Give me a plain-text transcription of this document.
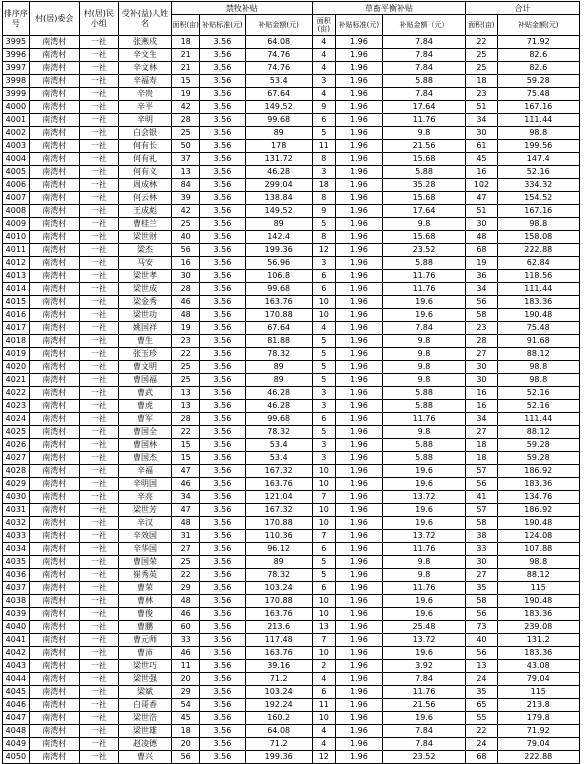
排序序号	村(居)委会	村(居)民小组	受补(益)人姓名	禁牧补贴			草畜平衡补贴			合计	
				面积(亩)	补贴标准(元)	补贴金额(元)	面积(亩)	补贴标准(元)	补贴金额（元）	面积(亩)	补贴金额(元)
3995	南湾村	一社	张燕戍	18	3.56	64.08	4	1.96	7.84	22	71.92
3996	南湾村	一社	辛文生	21	3.56	74.76	4	1.96	7.84	25	82.6
3997	南湾村	一社	辛文林	21	3.56	74.76	4	1.96	7.84	25	82.6
3998	南湾村	一社	辛福寿	15	3.56	53.4	3	1.96	5.88	18	59.28
3999	南湾村	一社	辛贵	19	3.56	67.64	4	1.96	7.84	23	75.48
4000	南湾村	一社	辛平	42	3.56	149.52	9	1.96	17.64	51	167.16
4001	南湾村	一社	辛明	28	3.56	99.68	6	1.96	11.76	34	111.44
4002	南湾村	一社	白会银	25	3.56	89	5	1.96	9.8	30	98.8
4003	南湾村	一社	何有长	50	3.56	178	11	1.96	21.56	61	199.56
4004	南湾村	一社	何有礼	37	3.56	131.72	8	1.96	15.68	45	147.4
4005	南湾村	一社	何有义	13	3.56	46.28	3	1.96	5.88	16	52.16
4006	南湾村	一社	周成林	84	3.56	299.04	18	1.96	35.28	102	334.32
4007	南湾村	一社	何云林	39	3.56	138.84	8	1.96	15.68	47	154.52
4008	南湾村	一社	王成彪	42	3.56	149.52	9	1.96	17.64	51	167.16
4009	南湾村	一社	曹桂兰	25	3.56	89	5	1.96	9.8	30	98.8
4010	南湾村	一社	梁世财	40	3.56	142.4	8	1.96	15.68	48	158.08
4011	南湾村	一社	梁杰	56	3.56	199.36	12	1.96	23.52	68	222.88
4012	南湾村	一社	马安	16	3.56	56.96	3	1.96	5.88	19	62.84
4013	南湾村	一社	梁世孝	30	3.56	106.8	6	1.96	11.76	36	118.56
4014	南湾村	一社	梁世成	28	3.56	99.68	6	1.96	11.76	34	111.44
4015	南湾村	一社	梁金秀	46	3.56	163.76	10	1.96	19.6	56	183.36
4016	南湾村	一社	梁世功	48	3.56	170.88	10	1.96	19.6	58	190.48
4017	南湾村	一社	姚国祥	19	3.56	67.64	4	1.96	7.84	23	75.48
4018	南湾村	一社	曹生	23	3.56	81.88	5	1.96	9.8	28	91.68
4019	南湾村	一社	张玉珍	22	3.56	78.32	5	1.96	9.8	27	88.12
4020	南湾村	一社	曹文明	25	3.56	89	5	1.96	9.8	30	98.8
4021	南湾村	一社	曹国福	25	3.56	89	5	1.96	9.8	30	98.8
4022	南湾村	一社	曹武	13	3.56	46.28	3	1.96	5.88	16	52.16
4023	南湾村	一社	曹虎	13	3.56	46.28	3	1.96	5.88	16	52.16
4024	南湾村	一社	曹军	28	3.56	99.68	6	1.96	11.76	34	111.44
4025	南湾村	一社	曹国全	22	3.56	78.32	5	1.96	9.8	27	88.12
4026	南湾村	一社	曹国林	15	3.56	53.4	3	1.96	5.88	18	59.28
4027	南湾村	一社	曹国杰	15	3.56	53.4	3	1.96	5.88	18	59.28
4028	南湾村	一社	辛福	47	3.56	167.32	10	1.96	19.6	57	186.92
4029	南湾村	一社	辛明国	46	3.56	163.76	10	1.96	19.6	56	183.36
4030	南湾村	一社	辛亮	34	3.56	121.04	7	1.96	13.72	41	134.76
4031	南湾村	一社	梁世芳	47	3.56	167.32	10	1.96	19.6	57	186.92
4032	南湾村	一社	辛汉	48	3.56	170.88	10	1.96	19.6	58	190.48
4033	南湾村	一社	辛效国	31	3.56	110.36	7	1.96	13.72	38	124.08
4034	南湾村	一社	辛华国	27	3.56	96.12	6	1.96	11.76	33	107.88
4035	南湾村	一社	曹国荣	25	3.56	89	5	1.96	9.8	30	98.8
4036	南湾村	一社	崔秀英	22	3.56	78.32	5	1.96	9.8	27	88.12
4037	南湾村	一社	曹荣	29	3.56	103.24	6	1.96	11.76	35	115
4038	南湾村	一社	曹林	48	3.56	170.88	10	1.96	19.6	58	190.48
4039	南湾村	一社	曹俊	46	3.56	163.76	10	1.96	19.6	56	183.36
4040	南湾村	一社	曹鹏	60	3.56	213.6	13	1.96	25.48	73	239.08
4041	南湾村	一社	曹元师	33	3.56	117.48	7	1.96	13.72	40	131.2
4042	南湾村	一社	曹沛	46	3.56	163.76	10	1.96	19.6	56	183.36
4043	南湾村	一社	梁世巧	11	3.56	39.16	2	1.96	3.92	13	43.08
4044	南湾村	一社	梁世强	20	3.56	71.2	4	1.96	7.84	24	79.04
4045	南湾村	一社	梁斌	29	3.56	103.24	6	1.96	11.76	35	115
4046	南湾村	一社	白哥香	54	3.56	192.24	11	1.96	21.56	65	213.8
4047	南湾村	一社	梁世浩	45	3.56	160.2	10	1.96	19.6	55	179.8
4048	南湾村	一社	梁世雄	18	3.56	64.08	4	1.96	7.84	22	71.92
4049	南湾村	一社	赵凌德	20	3.56	71.2	4	1.96	7.84	24	79.04
4050	南湾村	一社	曹兴	56	3.56	199.36	12	1.96	23.52	68	222.88
